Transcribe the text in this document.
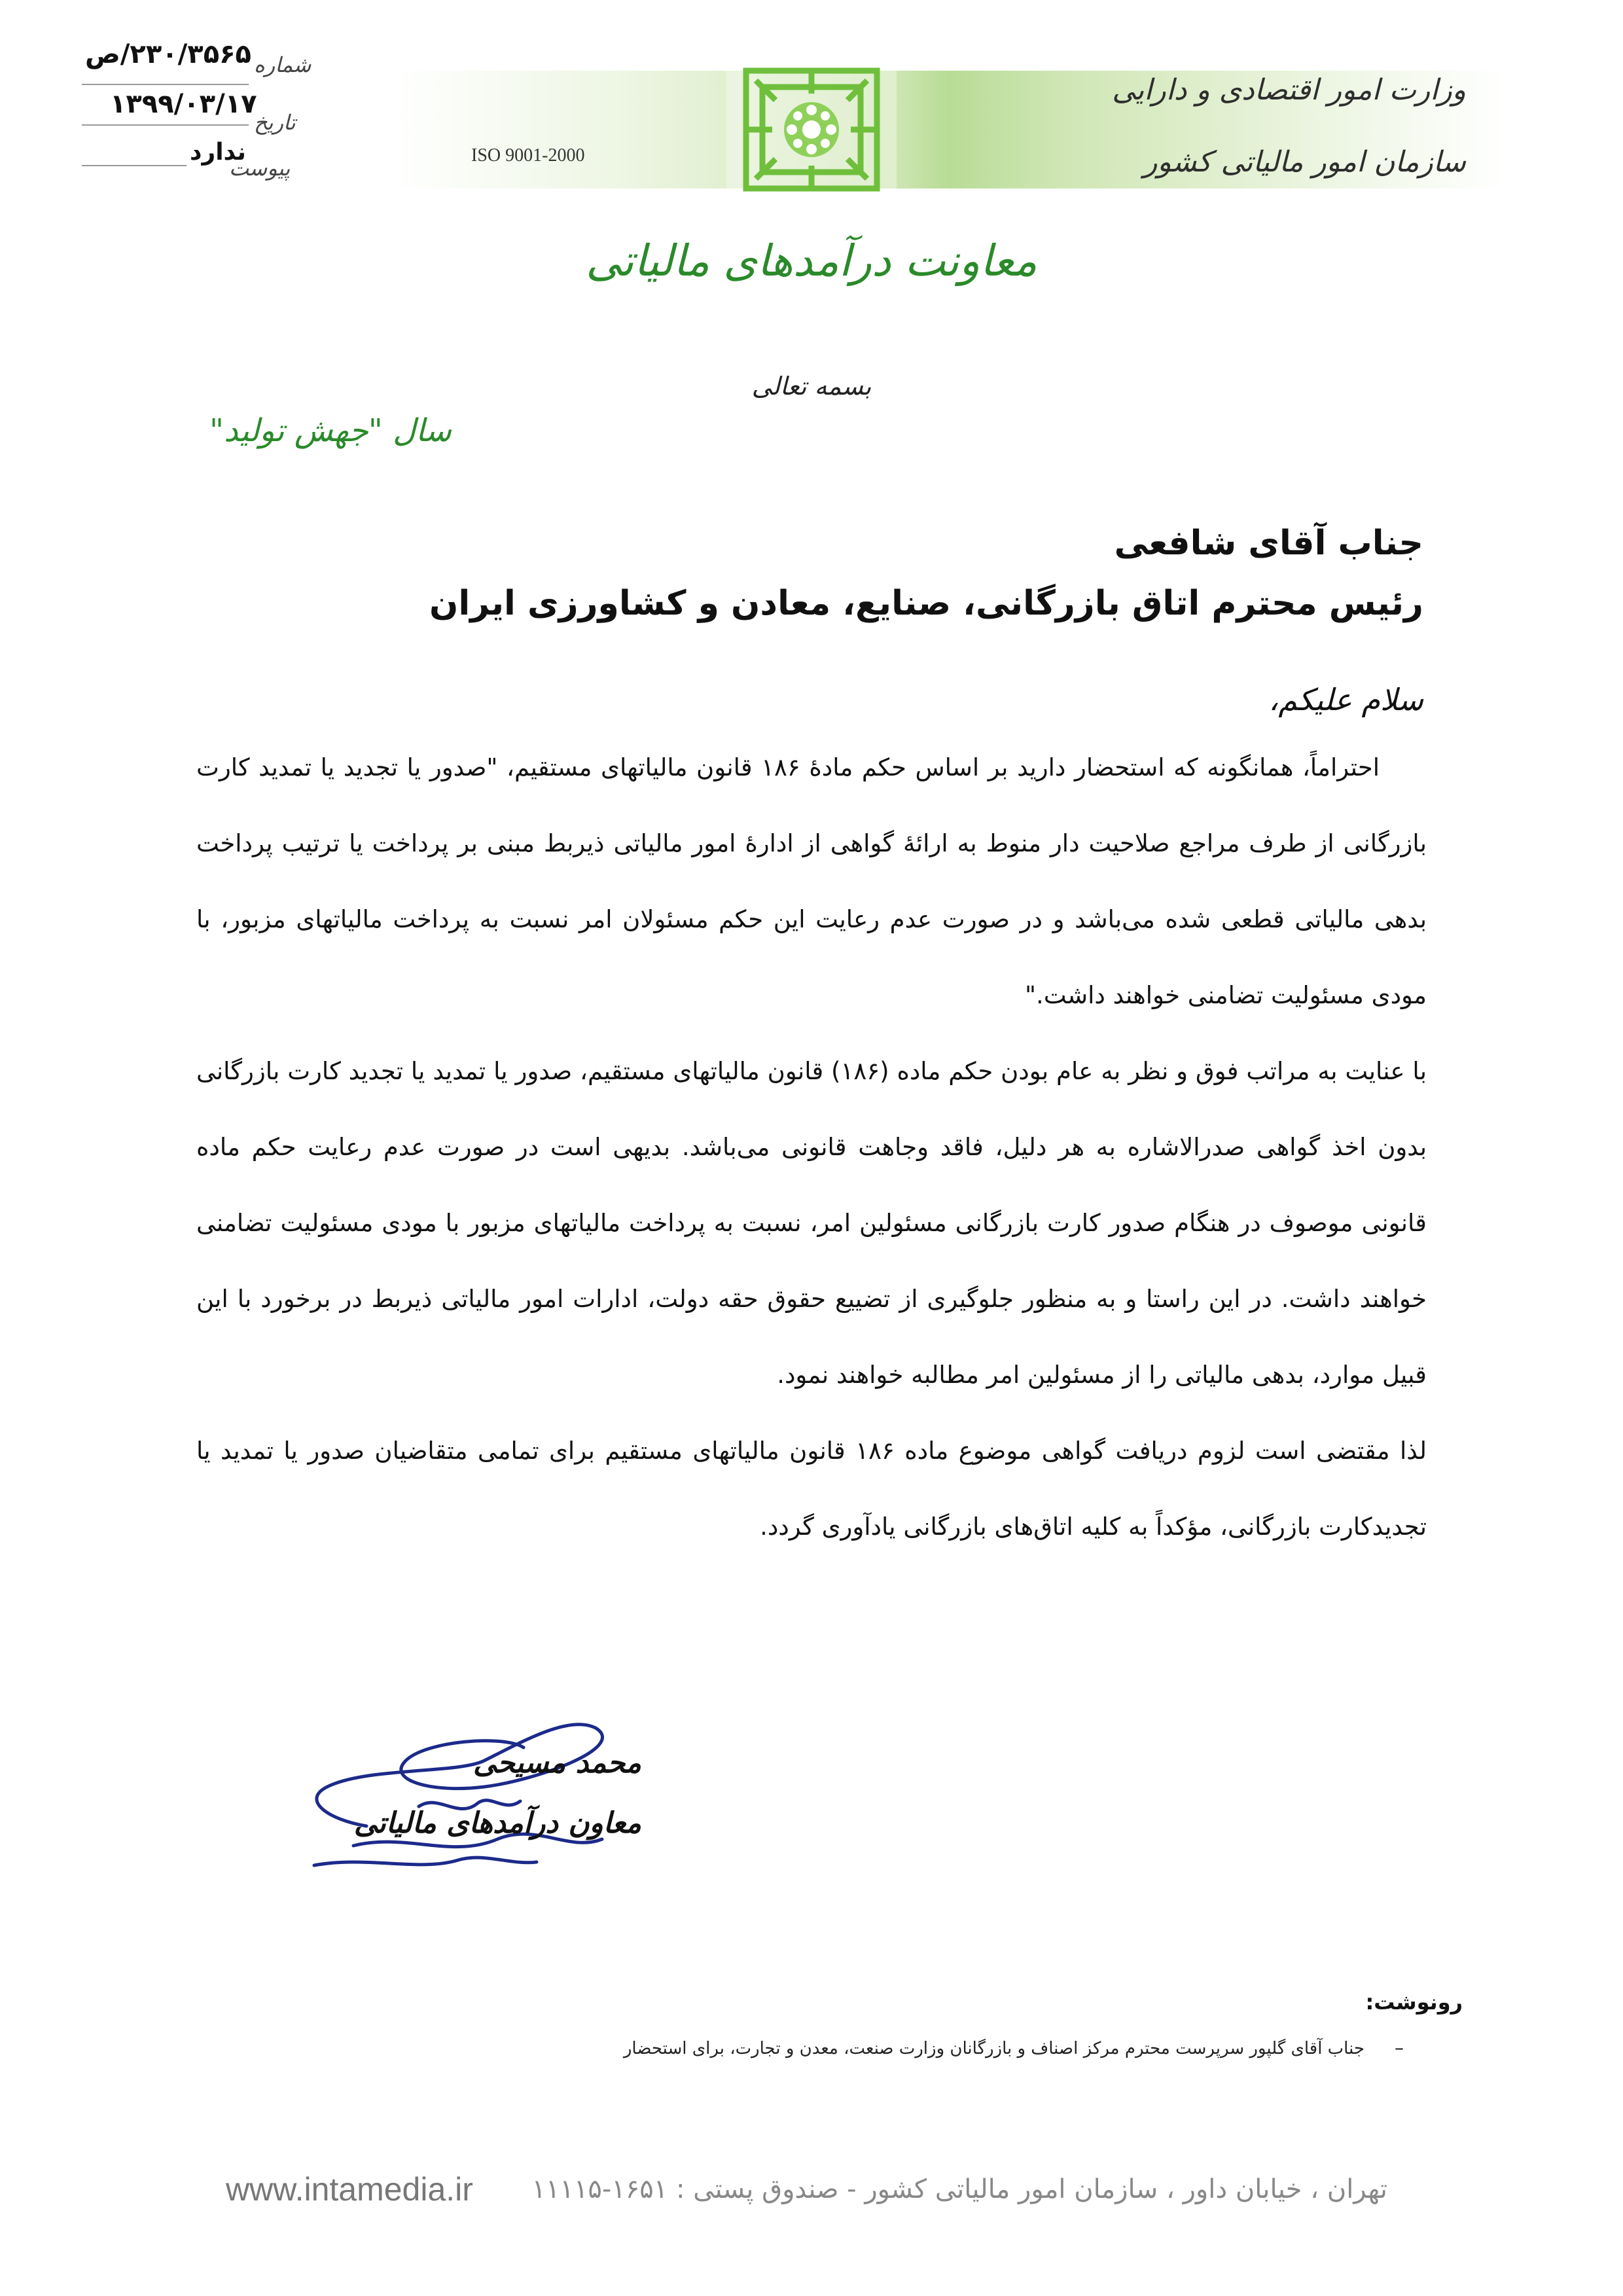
وزارت امور اقتصادی و دارایی
سازمان امور مالیاتی کشور
ISO 9001-2000
۲۳۰/۳۵۶۵/ص شماره
۱۳۹۹/۰۳/۱۷
تاریخ
ندارد
پیوست
معاونت درآمدهای مالیاتی
بسمه تعالی
سال "جهش تولید"
جناب آقای شافعی
رئیس محترم اتاق بازرگانی، صنایع، معادن و کشاورزی ایران
سلام علیکم،

احتراماً، همانگونه که استحضار دارید بر اساس حکم مادۀ ۱۸۶ قانون مالیاتهای مستقیم، "صدور یا تجدید یا تمدید کارت بازرگانی از طرف مراجع صلاحیت دار منوط به ارائۀ گواهی از ادارۀ امور مالیاتی ذیربط مبنی بر پرداخت یا ترتیب پرداخت بدهی مالیاتی قطعی شده می‌باشد و در صورت عدم رعایت این حکم مسئولان امر نسبت به پرداخت مالیاتهای مزبور، با مودی مسئولیت تضامنی خواهند داشت."

با عنایت به مراتب فوق و نظر به عام بودن حکم ماده (۱۸۶) قانون مالیاتهای مستقیم، صدور یا تمدید یا تجدید کارت بازرگانی بدون اخذ گواهی صدرالاشاره به هر دلیل، فاقد وجاهت قانونی می‌باشد. بدیهی است در صورت عدم رعایت حکم ماده قانونی موصوف در هنگام صدور کارت بازرگانی مسئولین امر، نسبت به پرداخت مالیاتهای مزبور با مودی مسئولیت تضامنی خواهند داشت. در این راستا و به منظور جلوگیری از تضییع حقوق حقه دولت، ادارات امور مالیاتی ذیربط در برخورد با این قبیل موارد، بدهی مالیاتی را از مسئولین امر مطالبه خواهند نمود.

لذا مقتضی است لزوم دریافت گواهی موضوع ماده ۱۸۶ قانون مالیاتهای مستقیم برای تمامی متقاضیان صدور یا تمدید یا تجدیدکارت بازرگانی، مؤکداً به کلیه اتاق‌های بازرگانی یادآوری گردد.

محمد مسیحی
معاون درآمدهای مالیاتی
رونوشت:
–
جناب آقای گلپور سرپرست محترم مرکز اصناف و بازرگانان وزارت صنعت، معدن و تجارت، برای استحضار
www.intamedia.ir تهران ، خیابان داور ، سازمان امور مالیاتی کشور - صندوق پستی : ۱۶۵۱-۱۱۱۱۵
